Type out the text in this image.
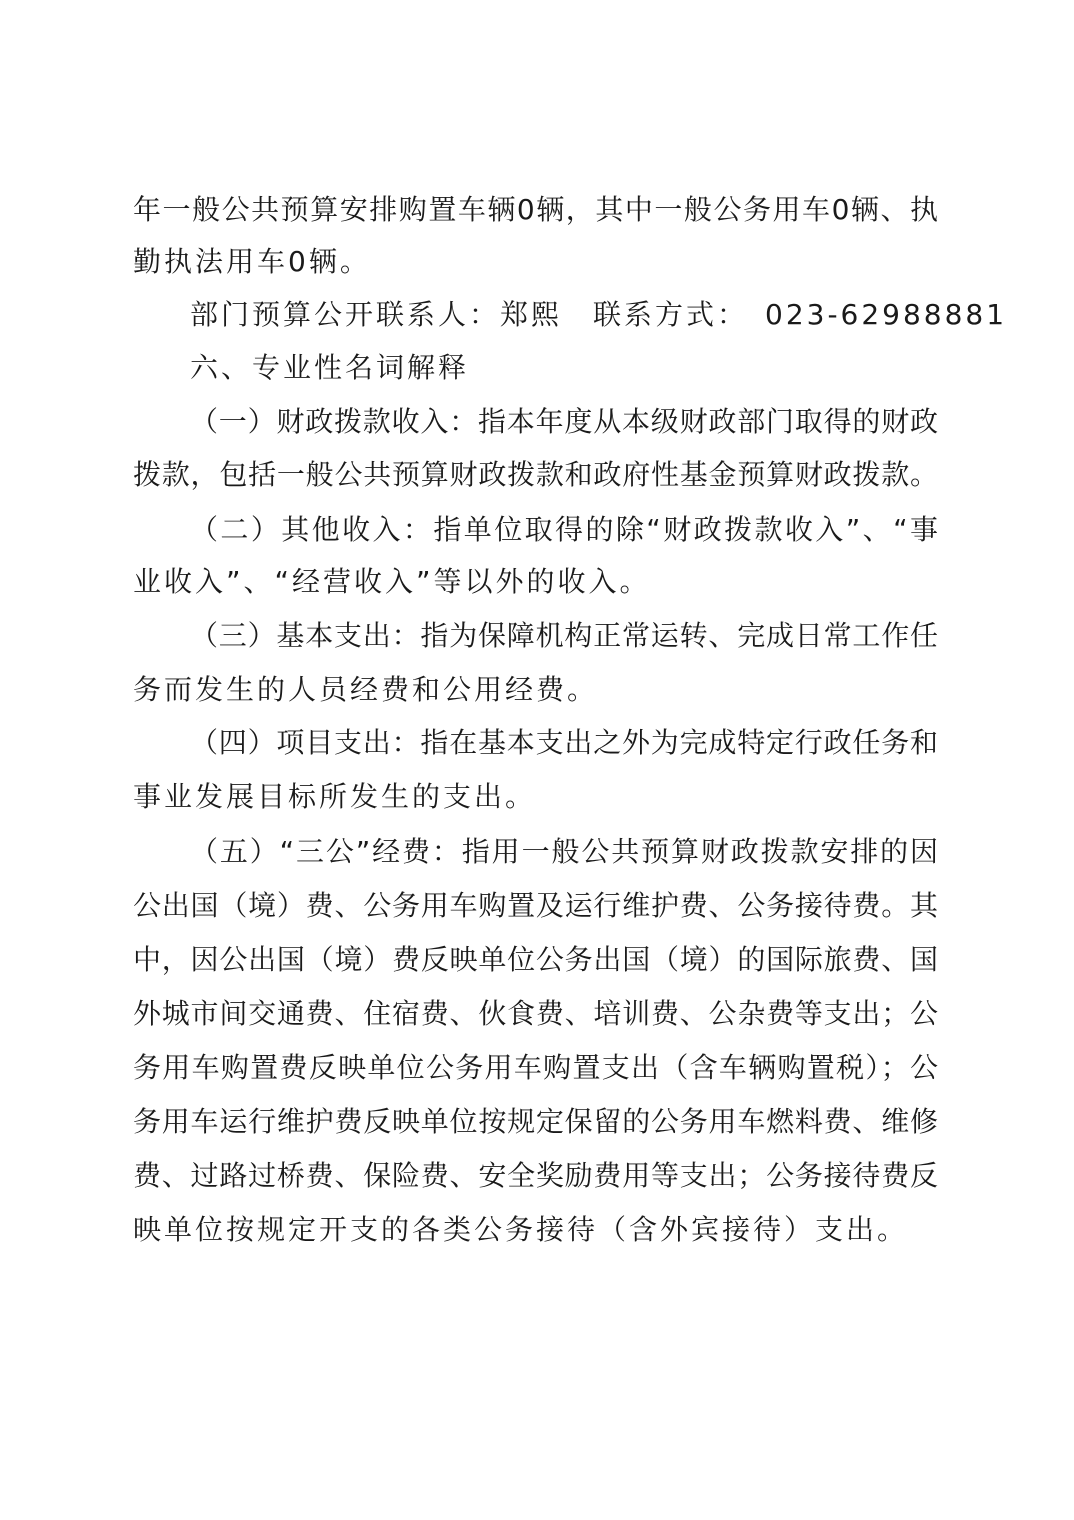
年一般公共预算安排购置车辆0辆，其中一般公务用车0辆、执
勤执法用车0辆。
部门预算公开联系人：郑熙　联系方式：　023-62988881
六、专业性名词解释
（一）财政拨款收入：指本年度从本级财政部门取得的财政
拨款，包括一般公共预算财政拨款和政府性基金预算财政拨款。
（二）其他收入：指单位取得的除“财政拨款收入”、“事
业收入”、“经营收入”等以外的收入。
（三）基本支出：指为保障机构正常运转、完成日常工作任
务而发生的人员经费和公用经费。
（四）项目支出：指在基本支出之外为完成特定行政任务和
事业发展目标所发生的支出。
（五）“三公”经费：指用一般公共预算财政拨款安排的因
公出国（境）费、公务用车购置及运行维护费、公务接待费。其
中，因公出国（境）费反映单位公务出国（境）的国际旅费、国
外城市间交通费、住宿费、伙食费、培训费、公杂费等支出；公
务用车购置费反映单位公务用车购置支出（含车辆购置税）；公
务用车运行维护费反映单位按规定保留的公务用车燃料费、维修
费、过路过桥费、保险费、安全奖励费用等支出；公务接待费反
映单位按规定开支的各类公务接待（含外宾接待）支出。
